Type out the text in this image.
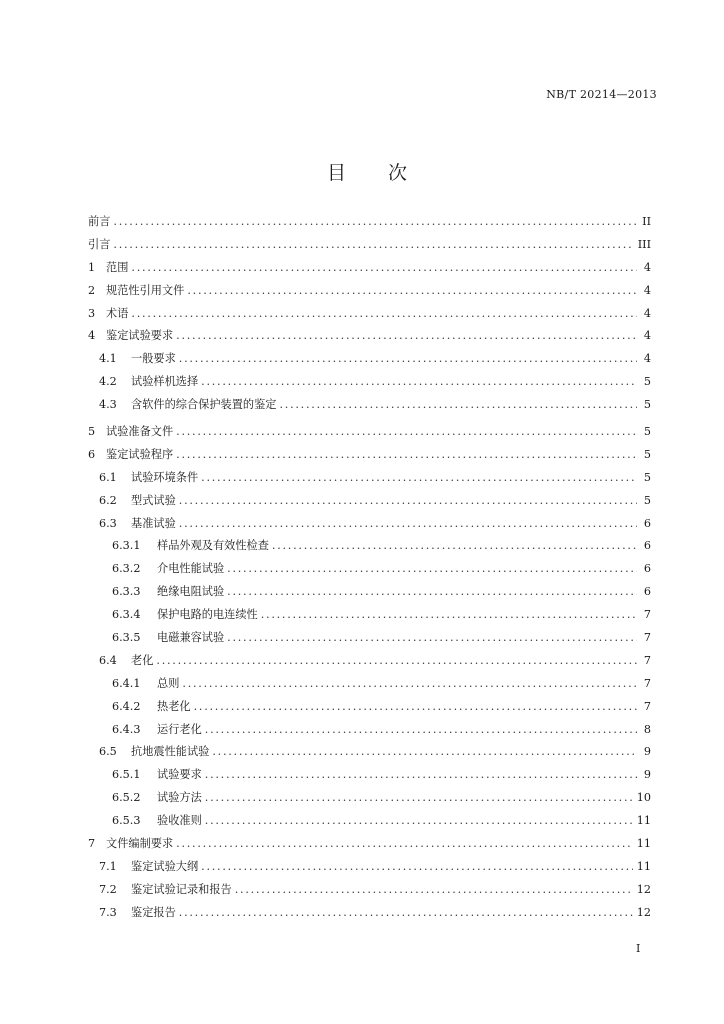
NB/T 20214—2013
目 次
前言 .....	II
引言 .....	III
1 范围 .....	4
2 规范性引用文件 .....	4
3 术语 .....	4
4 鉴定试验要求 .....	4
4.1	一般要求 .....	4
4.2	试验样机选择 .....	5
4.3	含软件的综合保护装置的鉴定 .....	5
5 试验准备文件 .....	5
6 鉴定试验程序 .....	5
6.1	试验环境条件 .....	5
6.2	型式试验 .....	5
6.3	基准试验 .....	6
6.3.1	样品外观及有效性检查 .....	6
6.3.2	介电性能试验 .....	6
6.3.3	绝缘电阻试验 .....	6
6.3.4	保护电路的电连续性 .....	7
6.3.5	电磁兼容试验 .....	7
6.4	老化 .....	7
6.4.1	总则 .....	7
6.4.2	热老化 .....	7
6.4.3	运行老化 .....	8
6.5	抗地震性能试验 .....	9
6.5.1	试验要求 .....	9
6.5.2	试验方法 .....	10
6.5.3	验收准则 .....	11
7 文件编制要求 .....	11
7.1	鉴定试验大纲 .....	11
7.2	鉴定试验记录和报告 .....	12
7.3	鉴定报告 .....	12
I
